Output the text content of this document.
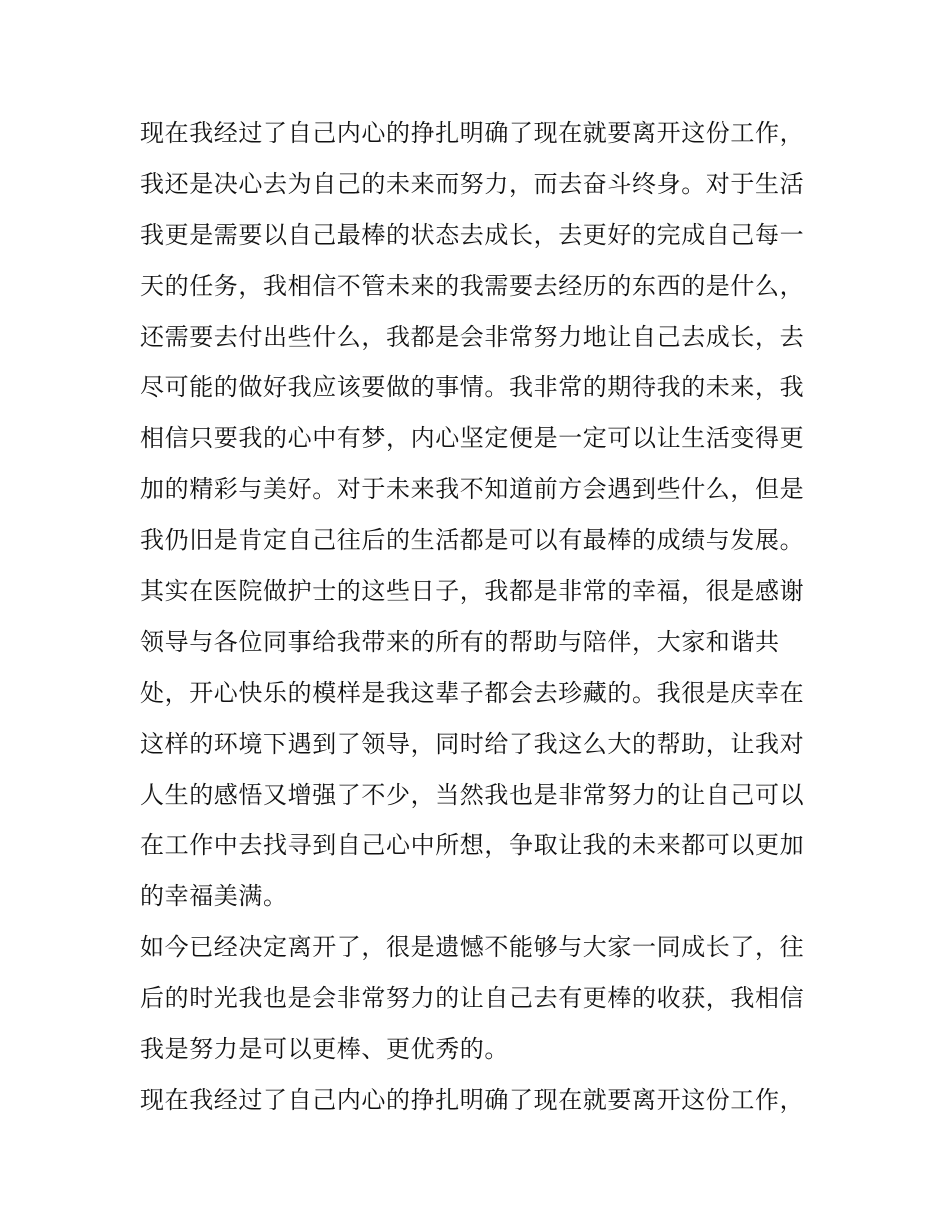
现在我经过了自己内心的挣扎明确了现在就要离开这份工作，
我还是决心去为自己的未来而努力，而去奋斗终身。对于生活
我更是需要以自己最棒的状态去成长，去更好的完成自己每一
天的任务，我相信不管未来的我需要去经历的东西的是什么，
还需要去付出些什么，我都是会非常努力地让自己去成长，去
尽可能的做好我应该要做的事情。我非常的期待我的未来，我
相信只要我的心中有梦，内心坚定便是一定可以让生活变得更
加的精彩与美好。对于未来我不知道前方会遇到些什么，但是
我仍旧是肯定自己往后的生活都是可以有最棒的成绩与发展。
其实在医院做护士的这些日子，我都是非常的幸福，很是感谢
领导与各位同事给我带来的所有的帮助与陪伴，大家和谐共
处，开心快乐的模样是我这辈子都会去珍藏的。我很是庆幸在
这样的环境下遇到了领导，同时给了我这么大的帮助，让我对
人生的感悟又增强了不少，当然我也是非常努力的让自己可以
在工作中去找寻到自己心中所想，争取让我的未来都可以更加
的幸福美满。
如今已经决定离开了，很是遗憾不能够与大家一同成长了，往
后的时光我也是会非常努力的让自己去有更棒的收获，我相信
我是努力是可以更棒、更优秀的。
现在我经过了自己内心的挣扎明确了现在就要离开这份工作，
